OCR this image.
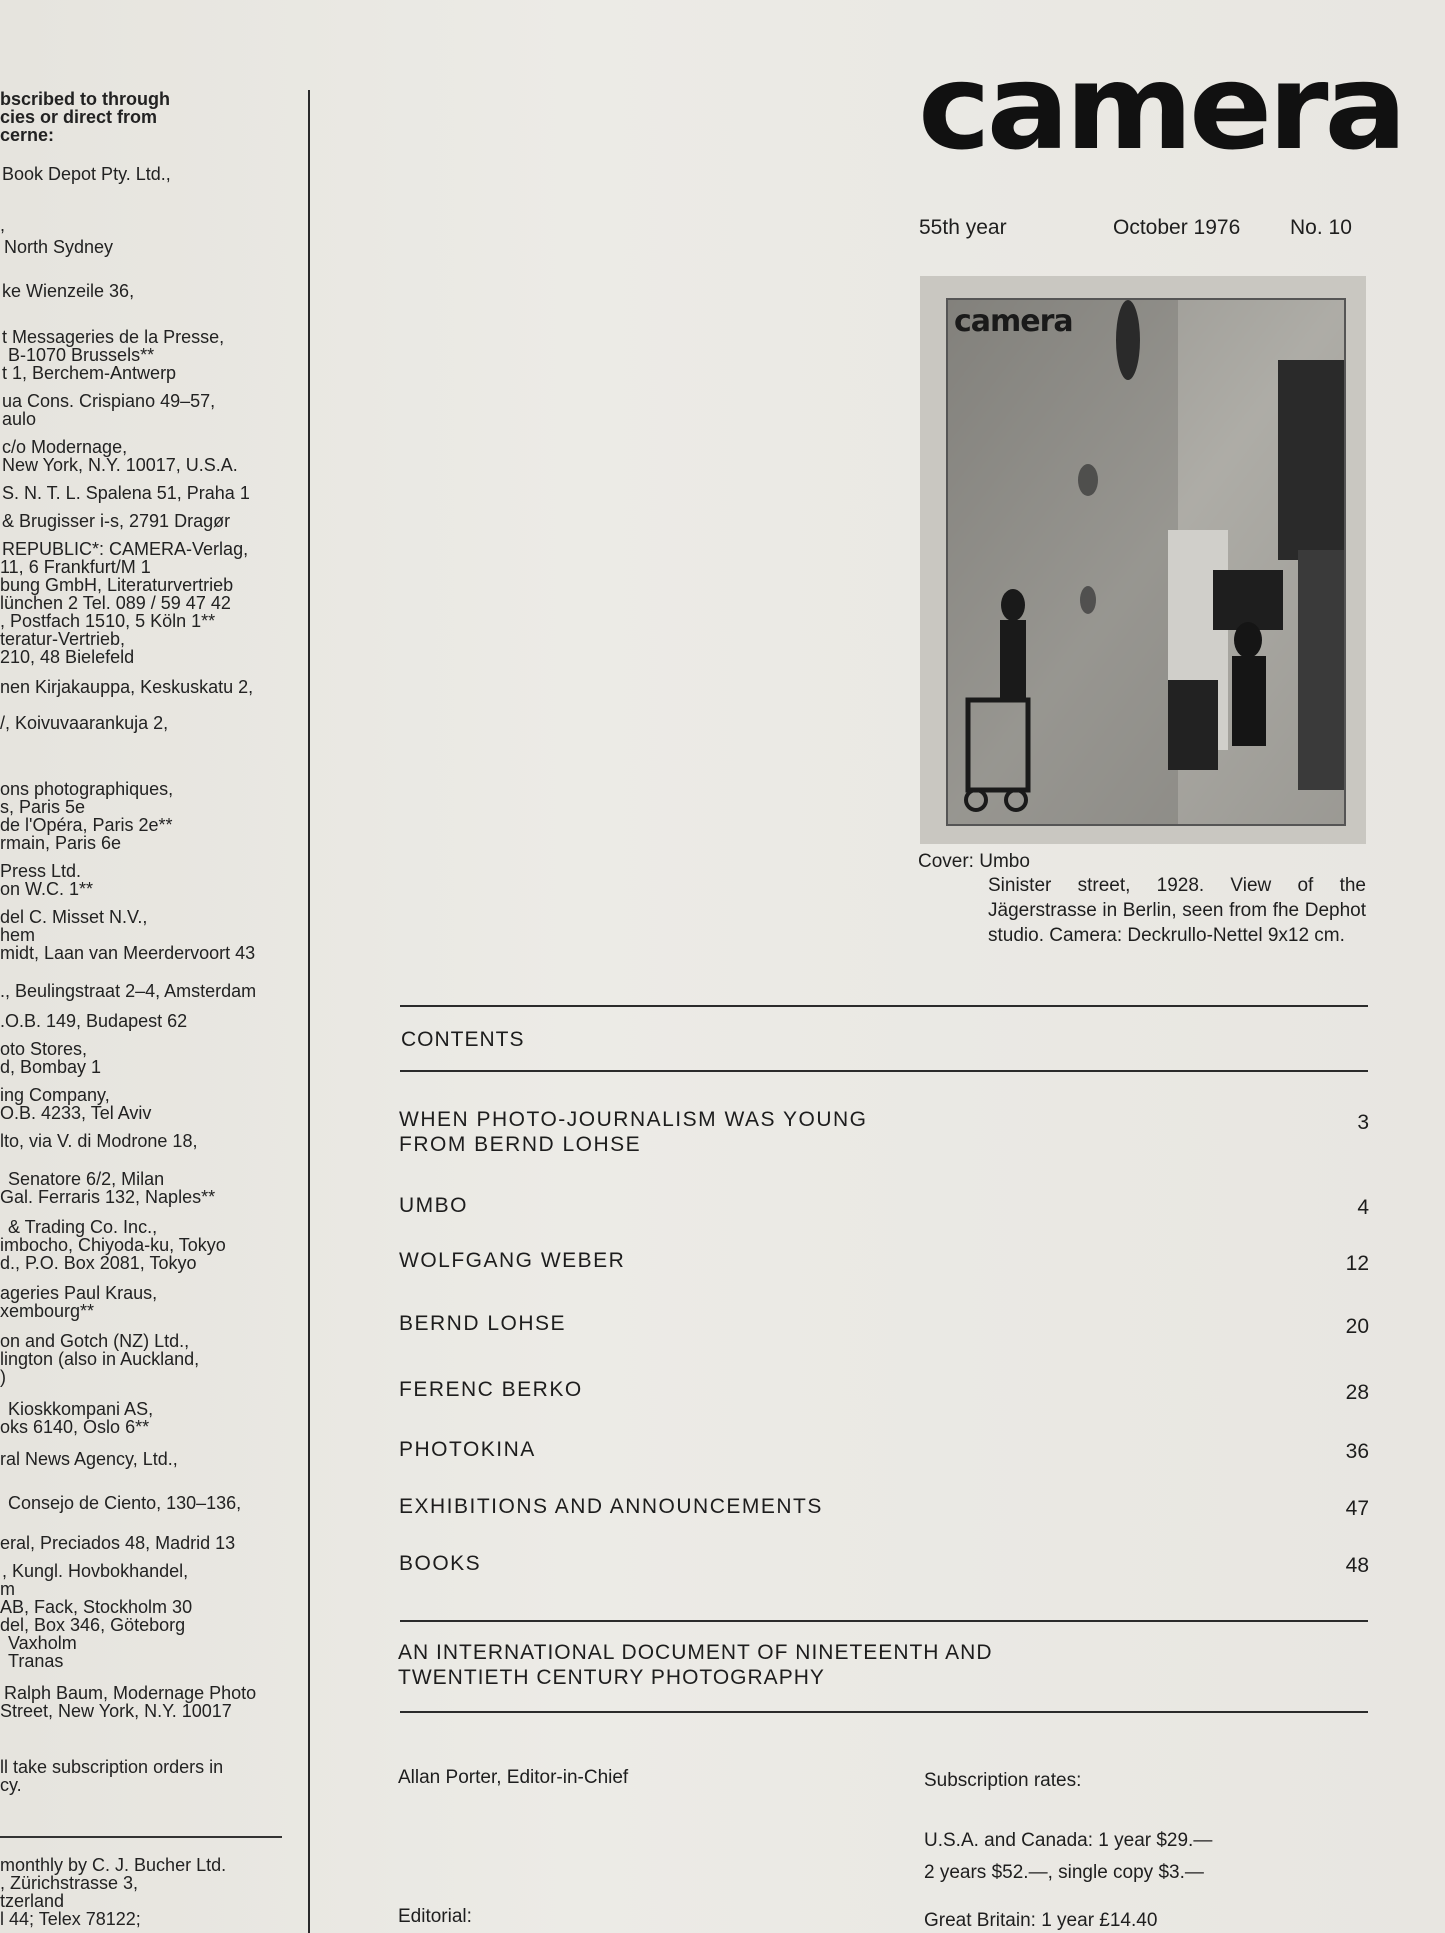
bscribed to through
cies or direct from
cerne:
Book Depot Pty. Ltd.,
,
North Sydney
ke Wienzeile 36,
t Messageries de la Presse,
B-1070 Brussels**
t 1, Berchem-Antwerp
ua Cons. Crispiano 49–57,
aulo
c/o Modernage,
New York, N.Y. 10017, U.S.A.
S. N. T. L. Spalena 51, Praha 1
& Brugisser i-s, 2791 Dragør
REPUBLIC*: CAMERA-Verlag,
11, 6 Frankfurt/M 1
bung GmbH, Literaturvertrieb
lünchen 2 Tel. 089 / 59 47 42
, Postfach 1510, 5 Köln 1**
teratur-Vertrieb,
210, 48 Bielefeld
nen Kirjakauppa, Keskuskatu 2,
/, Koivuvaarankuja 2,
ons photographiques,
s, Paris 5e
de l'Opéra, Paris 2e**
rmain, Paris 6e
Press Ltd.
on W.C. 1**
del C. Misset N.V.,
hem
midt, Laan van Meerdervoort 43
., Beulingstraat 2–4, Amsterdam
.O.B. 149, Budapest 62
oto Stores,
d, Bombay 1
ing Company,
O.B. 4233, Tel Aviv
lto, via V. di Modrone 18,
Senatore 6/2, Milan
Gal. Ferraris 132, Naples**
& Trading Co. Inc.,
imbocho, Chiyoda-ku, Tokyo
d., P.O. Box 2081, Tokyo
ageries Paul Kraus,
xembourg**
on and Gotch (NZ) Ltd.,
lington (also in Auckland,
)
Kioskkompani AS,
oks 6140, Oslo 6**
ral News Agency, Ltd.,
Consejo de Ciento, 130–136,
eral, Preciados 48, Madrid 13
, Kungl. Hovbokhandel,
m
AB, Fack, Stockholm 30
del, Box 346, Göteborg
Vaxholm
Tranas
Ralph Baum, Modernage Photo
Street, New York, N.Y. 10017
ll take subscription orders in
cy.
monthly by C. J. Bucher Ltd.
, Zürichstrasse 3,
tzerland
l 44; Telex 78122;
camera
55th year	October 1976 No. 10
camera
Cover: Umbo
Sinister street, 1928. View of the Jägerstrasse in Berlin, seen from fhe Dephot studio. Camera: Deckrullo-Nettel 9x12 cm.
CONTENTS
WHEN PHOTO-JOURNALISM WAS YOUNG
FROM BERND LOHSE
3
UMBO	4
WOLFGANG WEBER	12
BERND LOHSE	20
FERENC BERKO	28
PHOTOKINA	36
EXHIBITIONS AND ANNOUNCEMENTS	47
BOOKS	48
AN INTERNATIONAL DOCUMENT OF NINETEENTH AND
TWENTIETH CENTURY PHOTOGRAPHY
Allan Porter, Editor-in-Chief
Editorial:
Subscription rates:
U.S.A. and Canada: 1 year $29.—
2 years $52.—, single copy $3.—
Great Britain: 1 year £14.40
